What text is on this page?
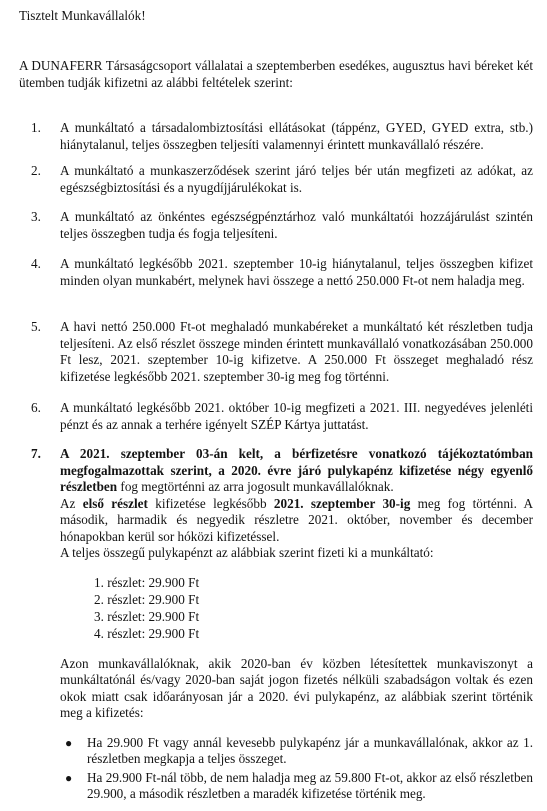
Tisztelt Munkavállalók!

A DUNAFERR Társaságcsoport vállalatai a szeptemberben esedékes, augusztus havi béreket két ütemben tudják kifizetni az alábbi feltételek szerint:

1. A munkáltató a társadalombiztosítási ellátásokat (táppénz, GYED, GYED extra, stb.) hiánytalanul, teljes összegben teljesíti valamennyi érintett munkavállaló részére.

2. A munkáltató a munkaszerződések szerint járó teljes bér után megfizeti az adókat, az egészségbiztosítási és a nyugdíjjárulékokat is.

3. A munkáltató az önkéntes egészségpénztárhoz való munkáltatói hozzájárulást szintén teljes összegben tudja és fogja teljesíteni.

4. A munkáltató legkésőbb 2021. szeptember 10-ig hiánytalanul, teljes összegben kifizet minden olyan munkabért, melynek havi összege a nettó 250.000 Ft-ot nem haladja meg.

5. A havi nettó 250.000 Ft-ot meghaladó munkabéreket a munkáltató két részletben tudja teljesíteni. Az első részlet összege minden érintett munkavállaló vonatkozásában 250.000 Ft lesz, 2021. szeptember 10-ig kifizetve. A 250.000 Ft összeget meghaladó rész kifizetése legkésőbb 2021. szeptember 30-ig meg fog történni.

6. A munkáltató legkésőbb 2021. október 10-ig megfizeti a 2021. III. negyedéves jelenléti pénzt és az annak a terhére igényelt SZÉP Kártya juttatást.

7. A 2021. szeptember 03-án kelt, a bérfizetésre vonatkozó tájékoztatómban megfogalmazottak szerint, a 2020. évre járó pulykapénz kifizetése négy egyenlő részletben fog megtörténni az arra jogosult munkavállalóknak.

Az első részlet kifizetése legkésőbb 2021. szeptember 30-ig meg fog történni. A második, harmadik és negyedik részletre 2021. október, november és december hónapokban kerül sor hóközi kifizetéssel.

A teljes összegű pulykapénzt az alábbiak szerint fizeti ki a munkáltató:

1. részlet: 29.900 Ft
2. részlet: 29.900 Ft
3. részlet: 29.900 Ft
4. részlet: 29.900 Ft

Azon munkavállalóknak, akik 2020-ban év közben létesítettek munkaviszonyt a munkáltatónál és/vagy 2020-ban saját jogon fizetés nélküli szabadságon voltak és ezen okok miatt csak időarányosan jár a 2020. évi pulykapénz, az alábbiak szerint történik meg a kifizetés:

● Ha 29.900 Ft vagy annál kevesebb pulykapénz jár a munkavállalónak, akkor az 1. részletben megkapja a teljes összeget.
● Ha 29.900 Ft-nál több, de nem haladja meg az 59.800 Ft-ot, akkor az első részletben 29.900, a második részletben a maradék kifizetése történik meg.
